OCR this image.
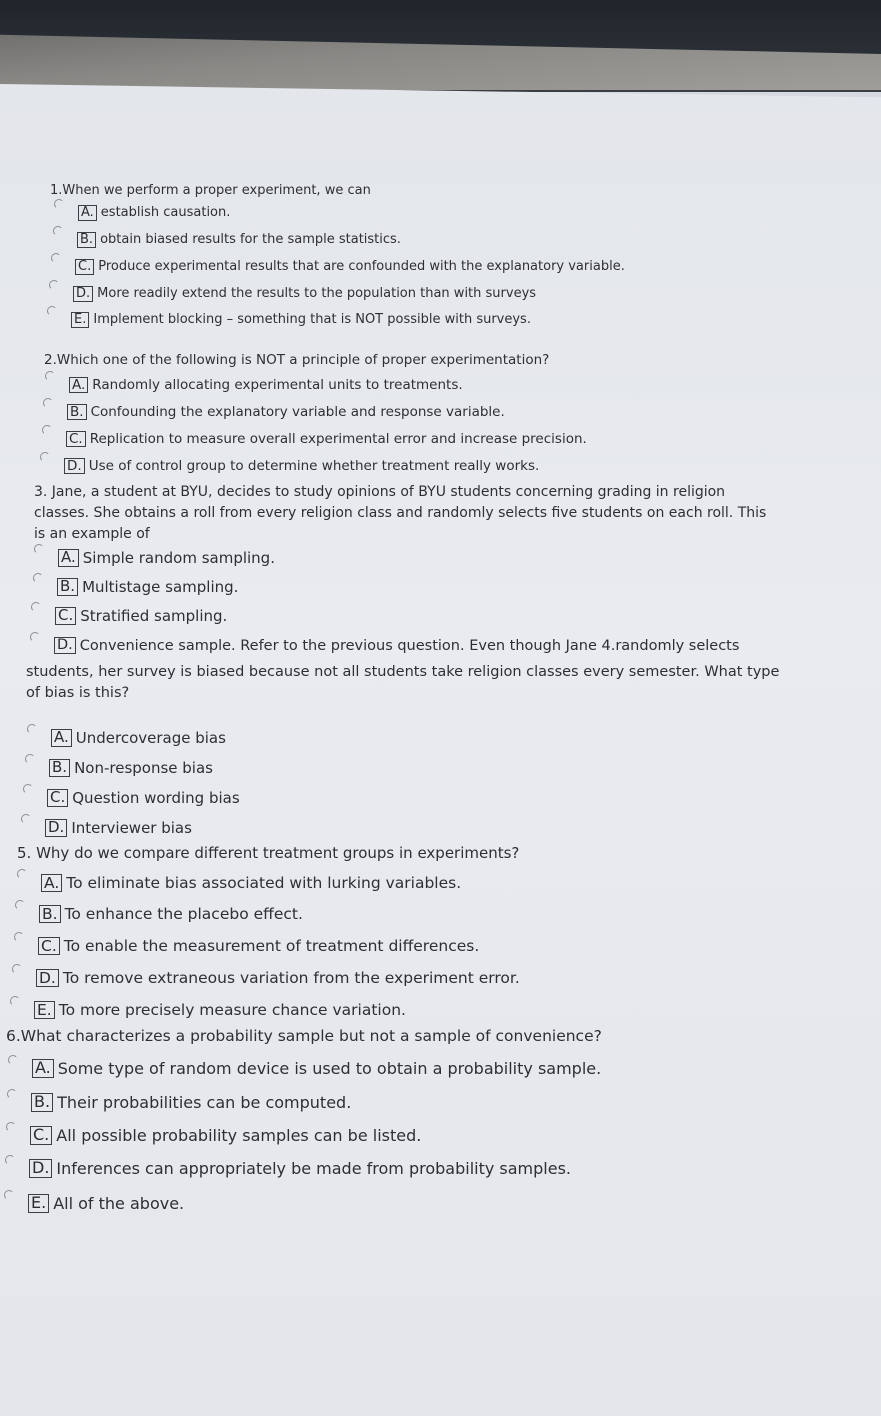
1.When we perform a proper experiment, we can
A. establish causation.
B. obtain biased results for the sample statistics.
C. Produce experimental results that are confounded with the explanatory variable.
D. More readily extend the results to the population than with surveys
E. Implement blocking – something that is NOT possible with surveys.
2.Which one of the following is NOT a principle of proper experimentation?
A. Randomly allocating experimental units to treatments.
B. Confounding the explanatory variable and response variable.
C. Replication to measure overall experimental error and increase precision.
D. Use of control group to determine whether treatment really works.
3. Jane, a student at BYU, decides to study opinions of BYU students concerning grading in religion
classes. She obtains a roll from every religion class and randomly selects five students on each roll. This
is an example of
A. Simple random sampling.
B. Multistage sampling.
C. Stratified sampling.
D. Convenience sample. Refer to the previous question. Even though Jane 4.randomly selects
students, her survey is biased because not all students take religion classes every semester. What type
of bias is this?
A. Undercoverage bias
B. Non-response bias
C. Question wording bias
D. Interviewer bias
5. Why do we compare different treatment groups in experiments?
A. To eliminate bias associated with lurking variables.
B. To enhance the placebo effect.
C. To enable the measurement of treatment differences.
D. To remove extraneous variation from the experiment error.
E. To more precisely measure chance variation.
6.What characterizes a probability sample but not a sample of convenience?
A. Some type of random device is used to obtain a probability sample.
B. Their probabilities can be computed.
C. All possible probability samples can be listed.
D. Inferences can appropriately be made from probability samples.
E. All of the above.
